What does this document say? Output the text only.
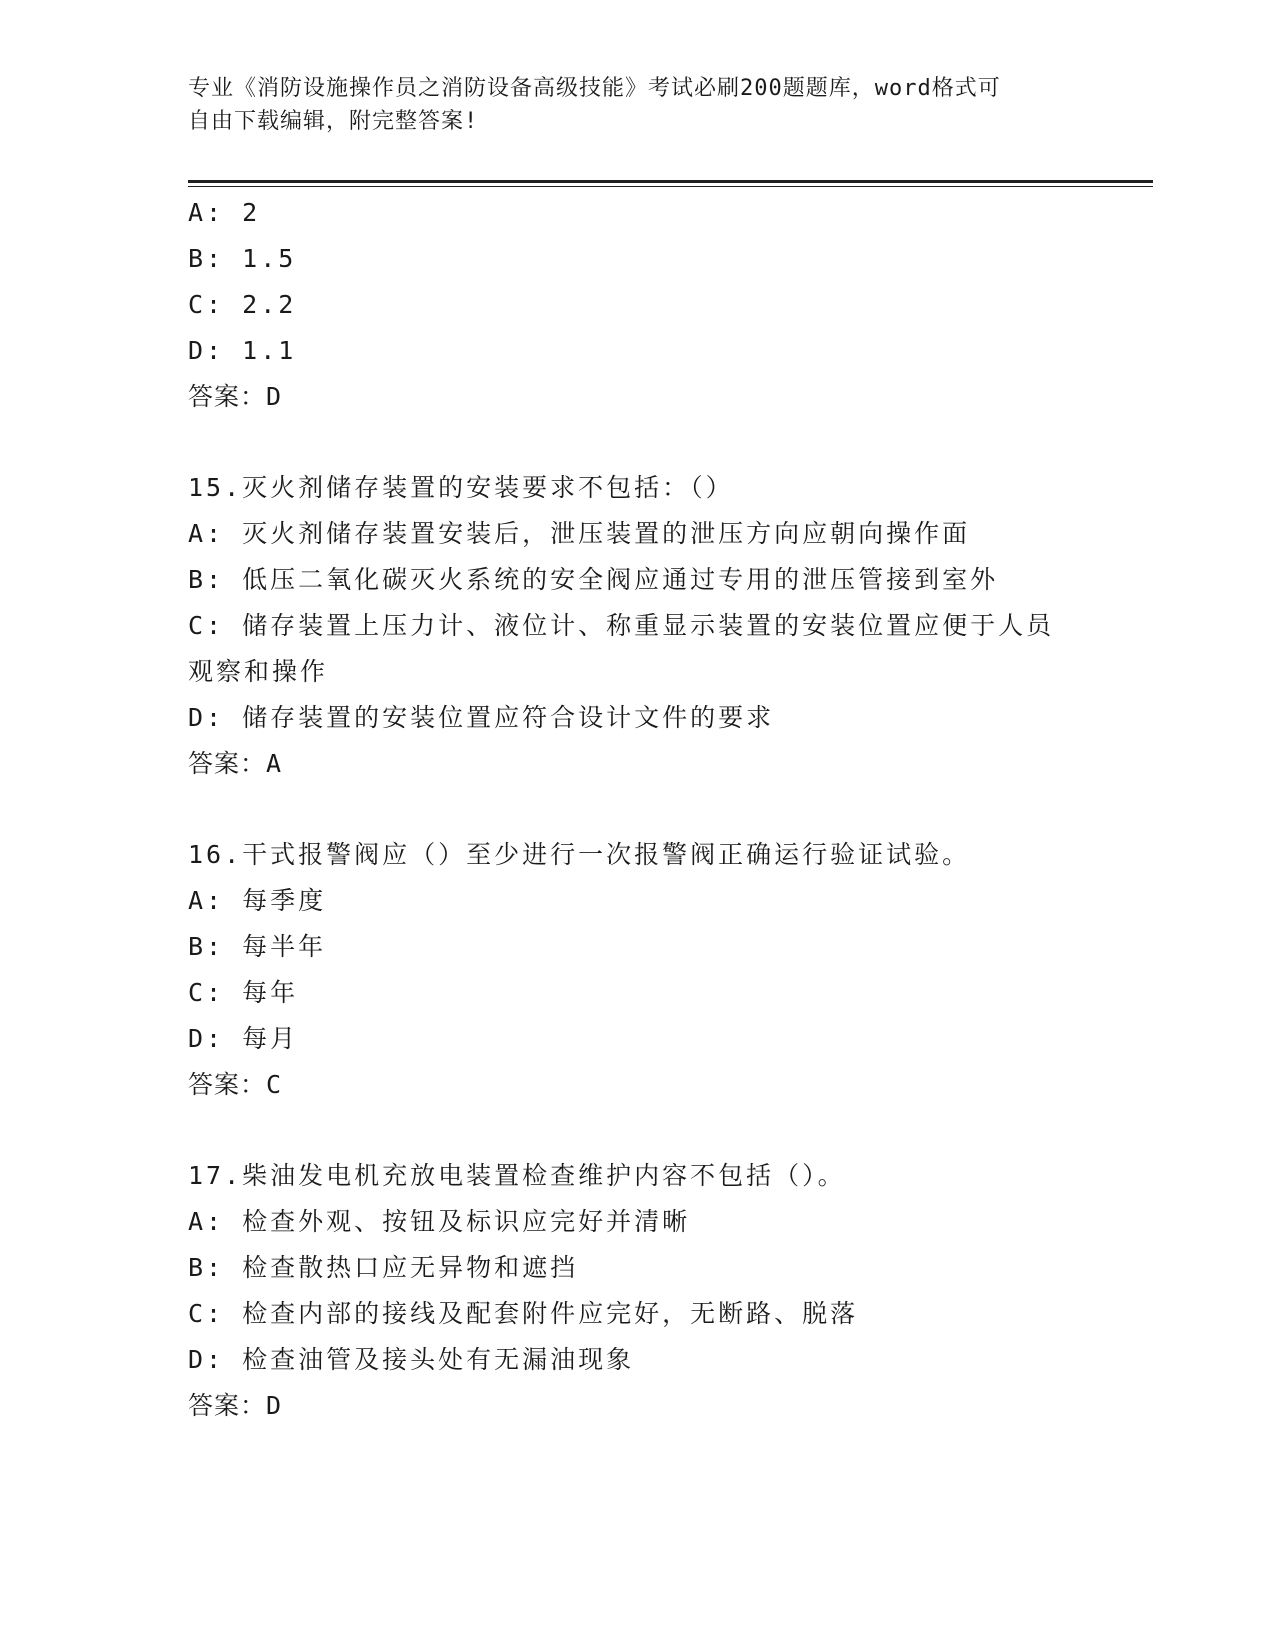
专业《消防设施操作员之消防设备高级技能》考试必刷200题题库，word格式可
自由下载编辑，附完整答案!
A: 2
B: 1.5
C: 2.2
D: 1.1
答案：D
15.灭火剂储存装置的安装要求不包括：（）
A: 灭火剂储存装置安装后，泄压装置的泄压方向应朝向操作面
B: 低压二氧化碳灭火系统的安全阀应通过专用的泄压管接到室外
C: 储存装置上压力计、液位计、称重显示装置的安装位置应便于人员
观察和操作
D: 储存装置的安装位置应符合设计文件的要求
答案：A
16.干式报警阀应（）至少进行一次报警阀正确运行验证试验。
A: 每季度
B: 每半年
C: 每年
D: 每月
答案：C
17.柴油发电机充放电装置检查维护内容不包括（）。
A: 检查外观、按钮及标识应完好并清晰
B: 检查散热口应无异物和遮挡
C: 检查内部的接线及配套附件应完好，无断路、脱落
D: 检查油管及接头处有无漏油现象
答案：D
